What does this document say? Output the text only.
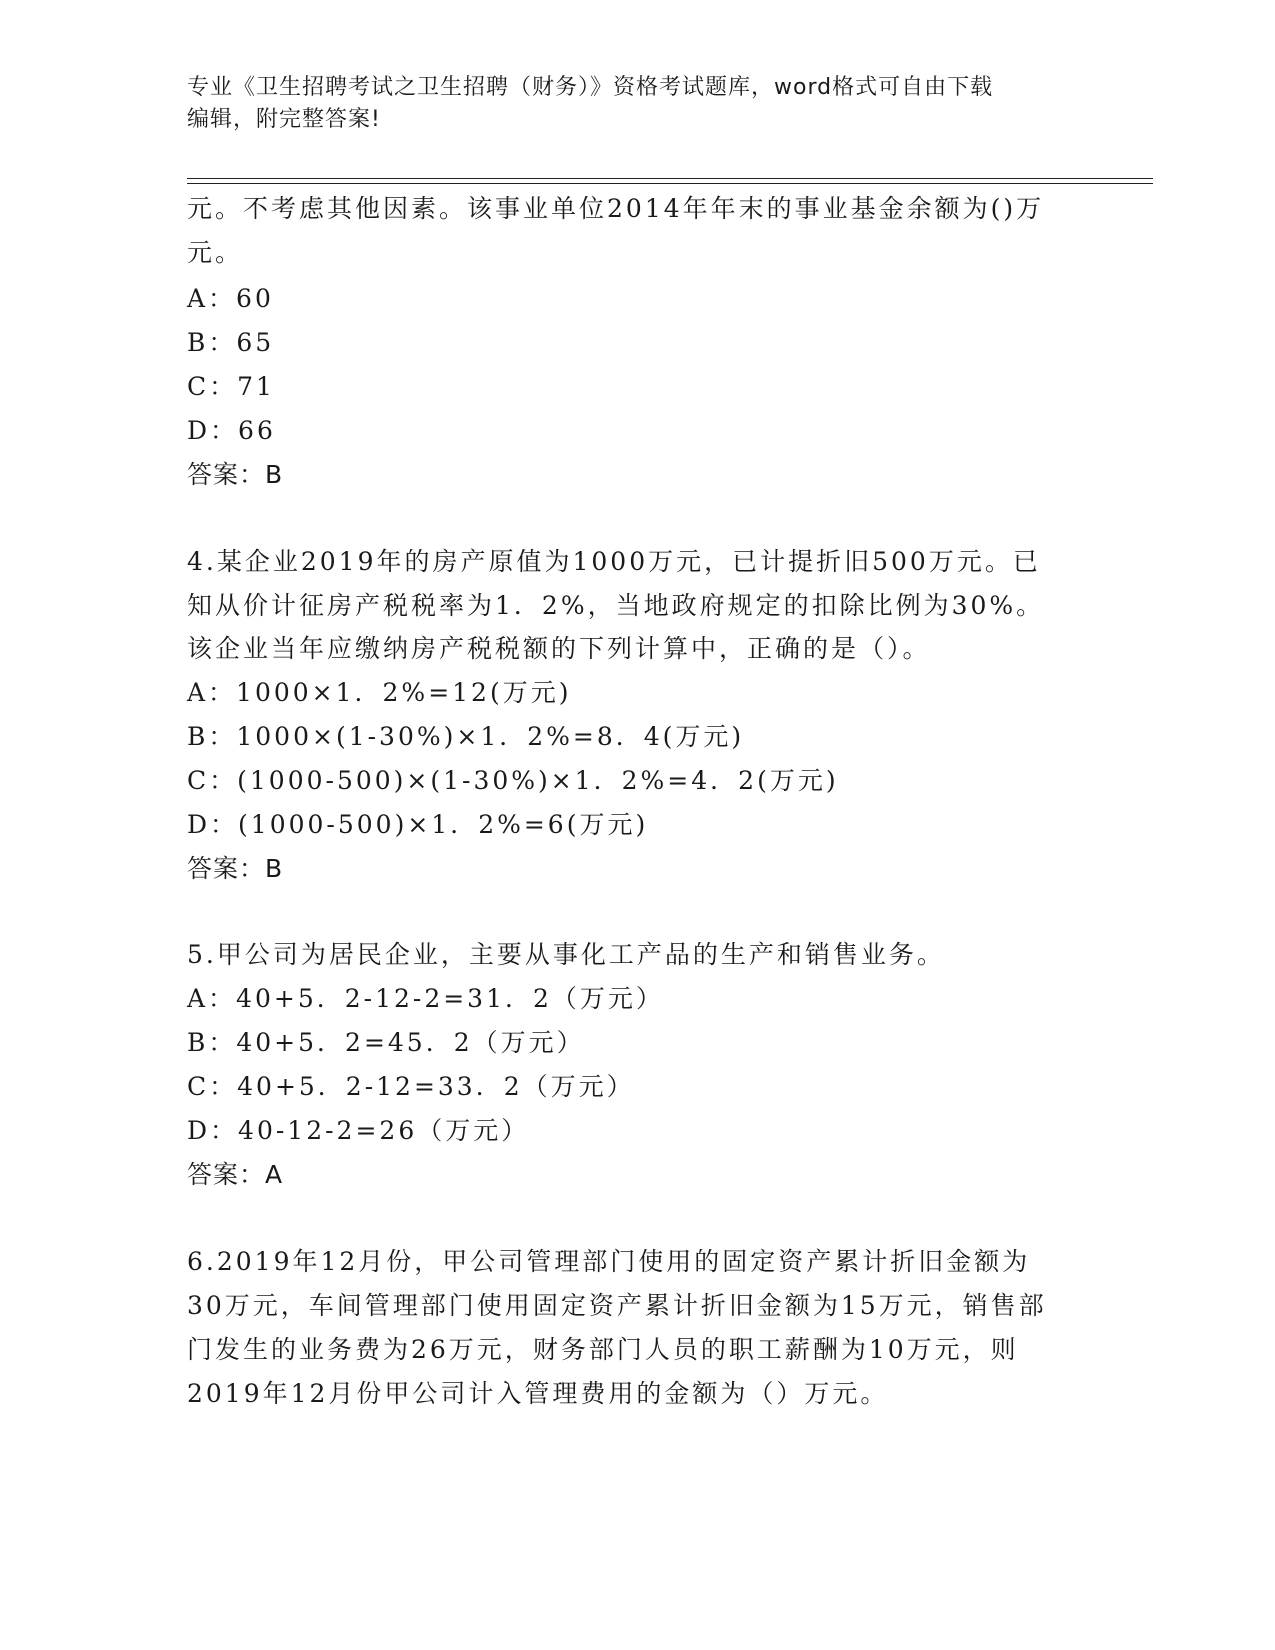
专业《卫生招聘考试之卫生招聘（财务）》资格考试题库，word格式可自由下载
编辑，附完整答案!
元。不考虑其他因素。该事业单位2014年年末的事业基金余额为()万
元。
A：60
B：65
C：71
D：66
答案：B
4.某企业2019年的房产原值为1000万元，已计提折旧500万元。已
知从价计征房产税税率为1．2%，当地政府规定的扣除比例为30%。
该企业当年应缴纳房产税税额的下列计算中，正确的是（）。
A：1000×1．2%=12(万元)
B：1000×(1-30%)×1．2%=8．4(万元)
C：(1000-500)×(1-30%)×1．2%=4．2(万元)
D：(1000-500)×1．2%=6(万元)
答案：B
5.甲公司为居民企业，主要从事化工产品的生产和销售业务。
A：40+5．2-12-2=31．2（万元）
B：40+5．2=45．2（万元）
C：40+5．2-12=33．2（万元）
D：40-12-2=26（万元）
答案：A
6.2019年12月份，甲公司管理部门使用的固定资产累计折旧金额为
30万元，车间管理部门使用固定资产累计折旧金额为15万元，销售部
门发生的业务费为26万元，财务部门人员的职工薪酬为10万元，则
2019年12月份甲公司计入管理费用的金额为（）万元。
